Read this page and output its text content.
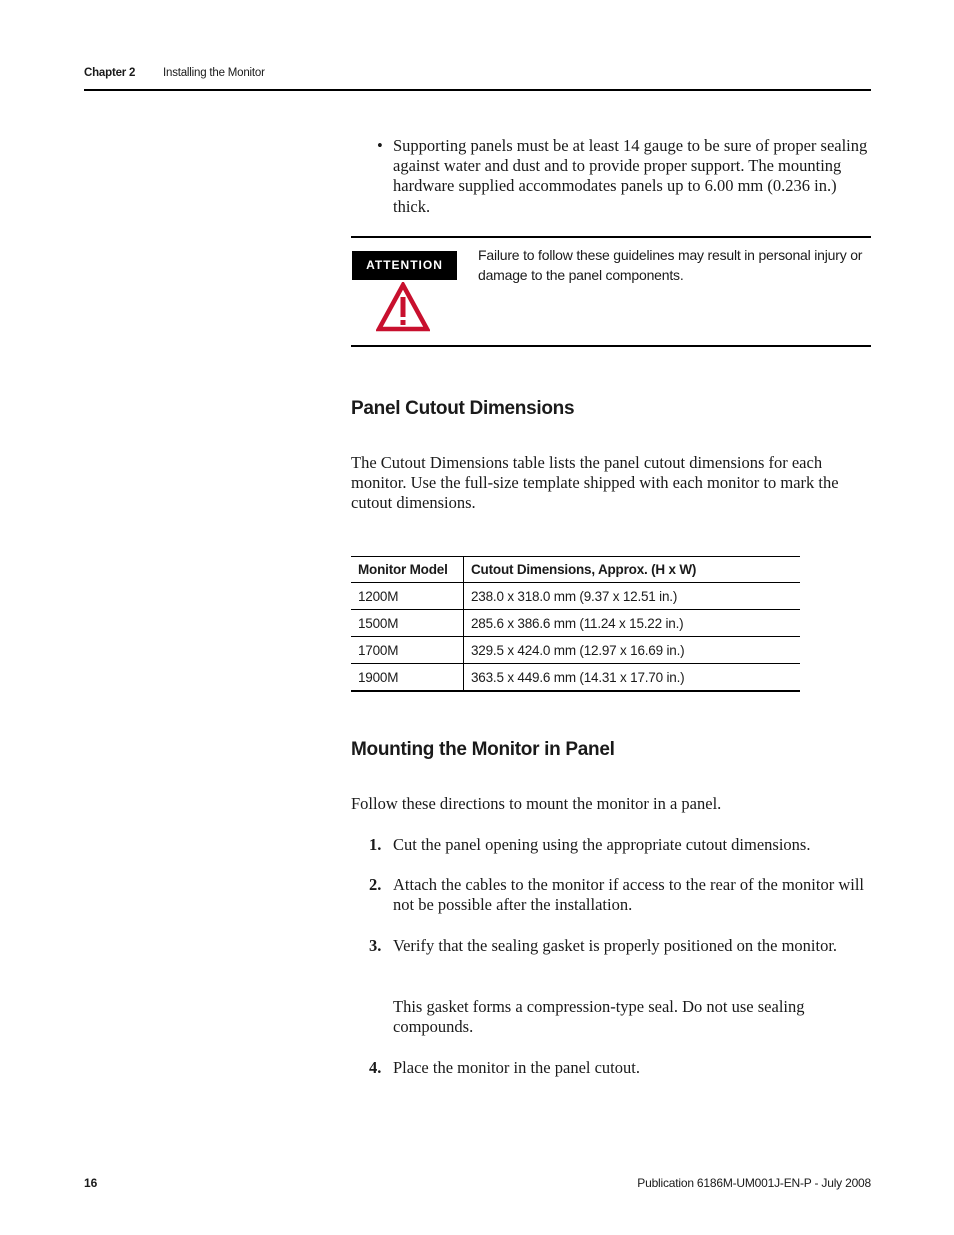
Chapter 2 Installing the Monitor
• Supporting panels must be at least 14 gauge to be sure of proper sealing against water and dust and to provide proper support. The mounting hardware supplied accommodates panels up to 6.00 mm (0.236 in.) thick.
ATTENTION
Failure to follow these guidelines may result in personal injury or damage to the panel components.
Panel Cutout Dimensions
The Cutout Dimensions table lists the panel cutout dimensions for each monitor. Use the full-size template shipped with each monitor to mark the cutout dimensions.
Monitor Model	Cutout Dimensions, Approx. (H x W)
1200M	238.0 x 318.0 mm (9.37 x 12.51 in.)
1500M	285.6 x 386.6 mm (11.24 x 15.22 in.)
1700M	329.5 x 424.0 mm (12.97 x 16.69 in.)
1900M	363.5 x 449.6 mm (14.31 x 17.70 in.)
Mounting the Monitor in Panel
Follow these directions to mount the monitor in a panel.
1. Cut the panel opening using the appropriate cutout dimensions.
2. Attach the cables to the monitor if access to the rear of the monitor will not be possible after the installation.
3. Verify that the sealing gasket is properly positioned on the monitor.
This gasket forms a compression-type seal. Do not use sealing compounds.
4. Place the monitor in the panel cutout.
16	Publication 6186M-UM001J-EN-P - July 2008
